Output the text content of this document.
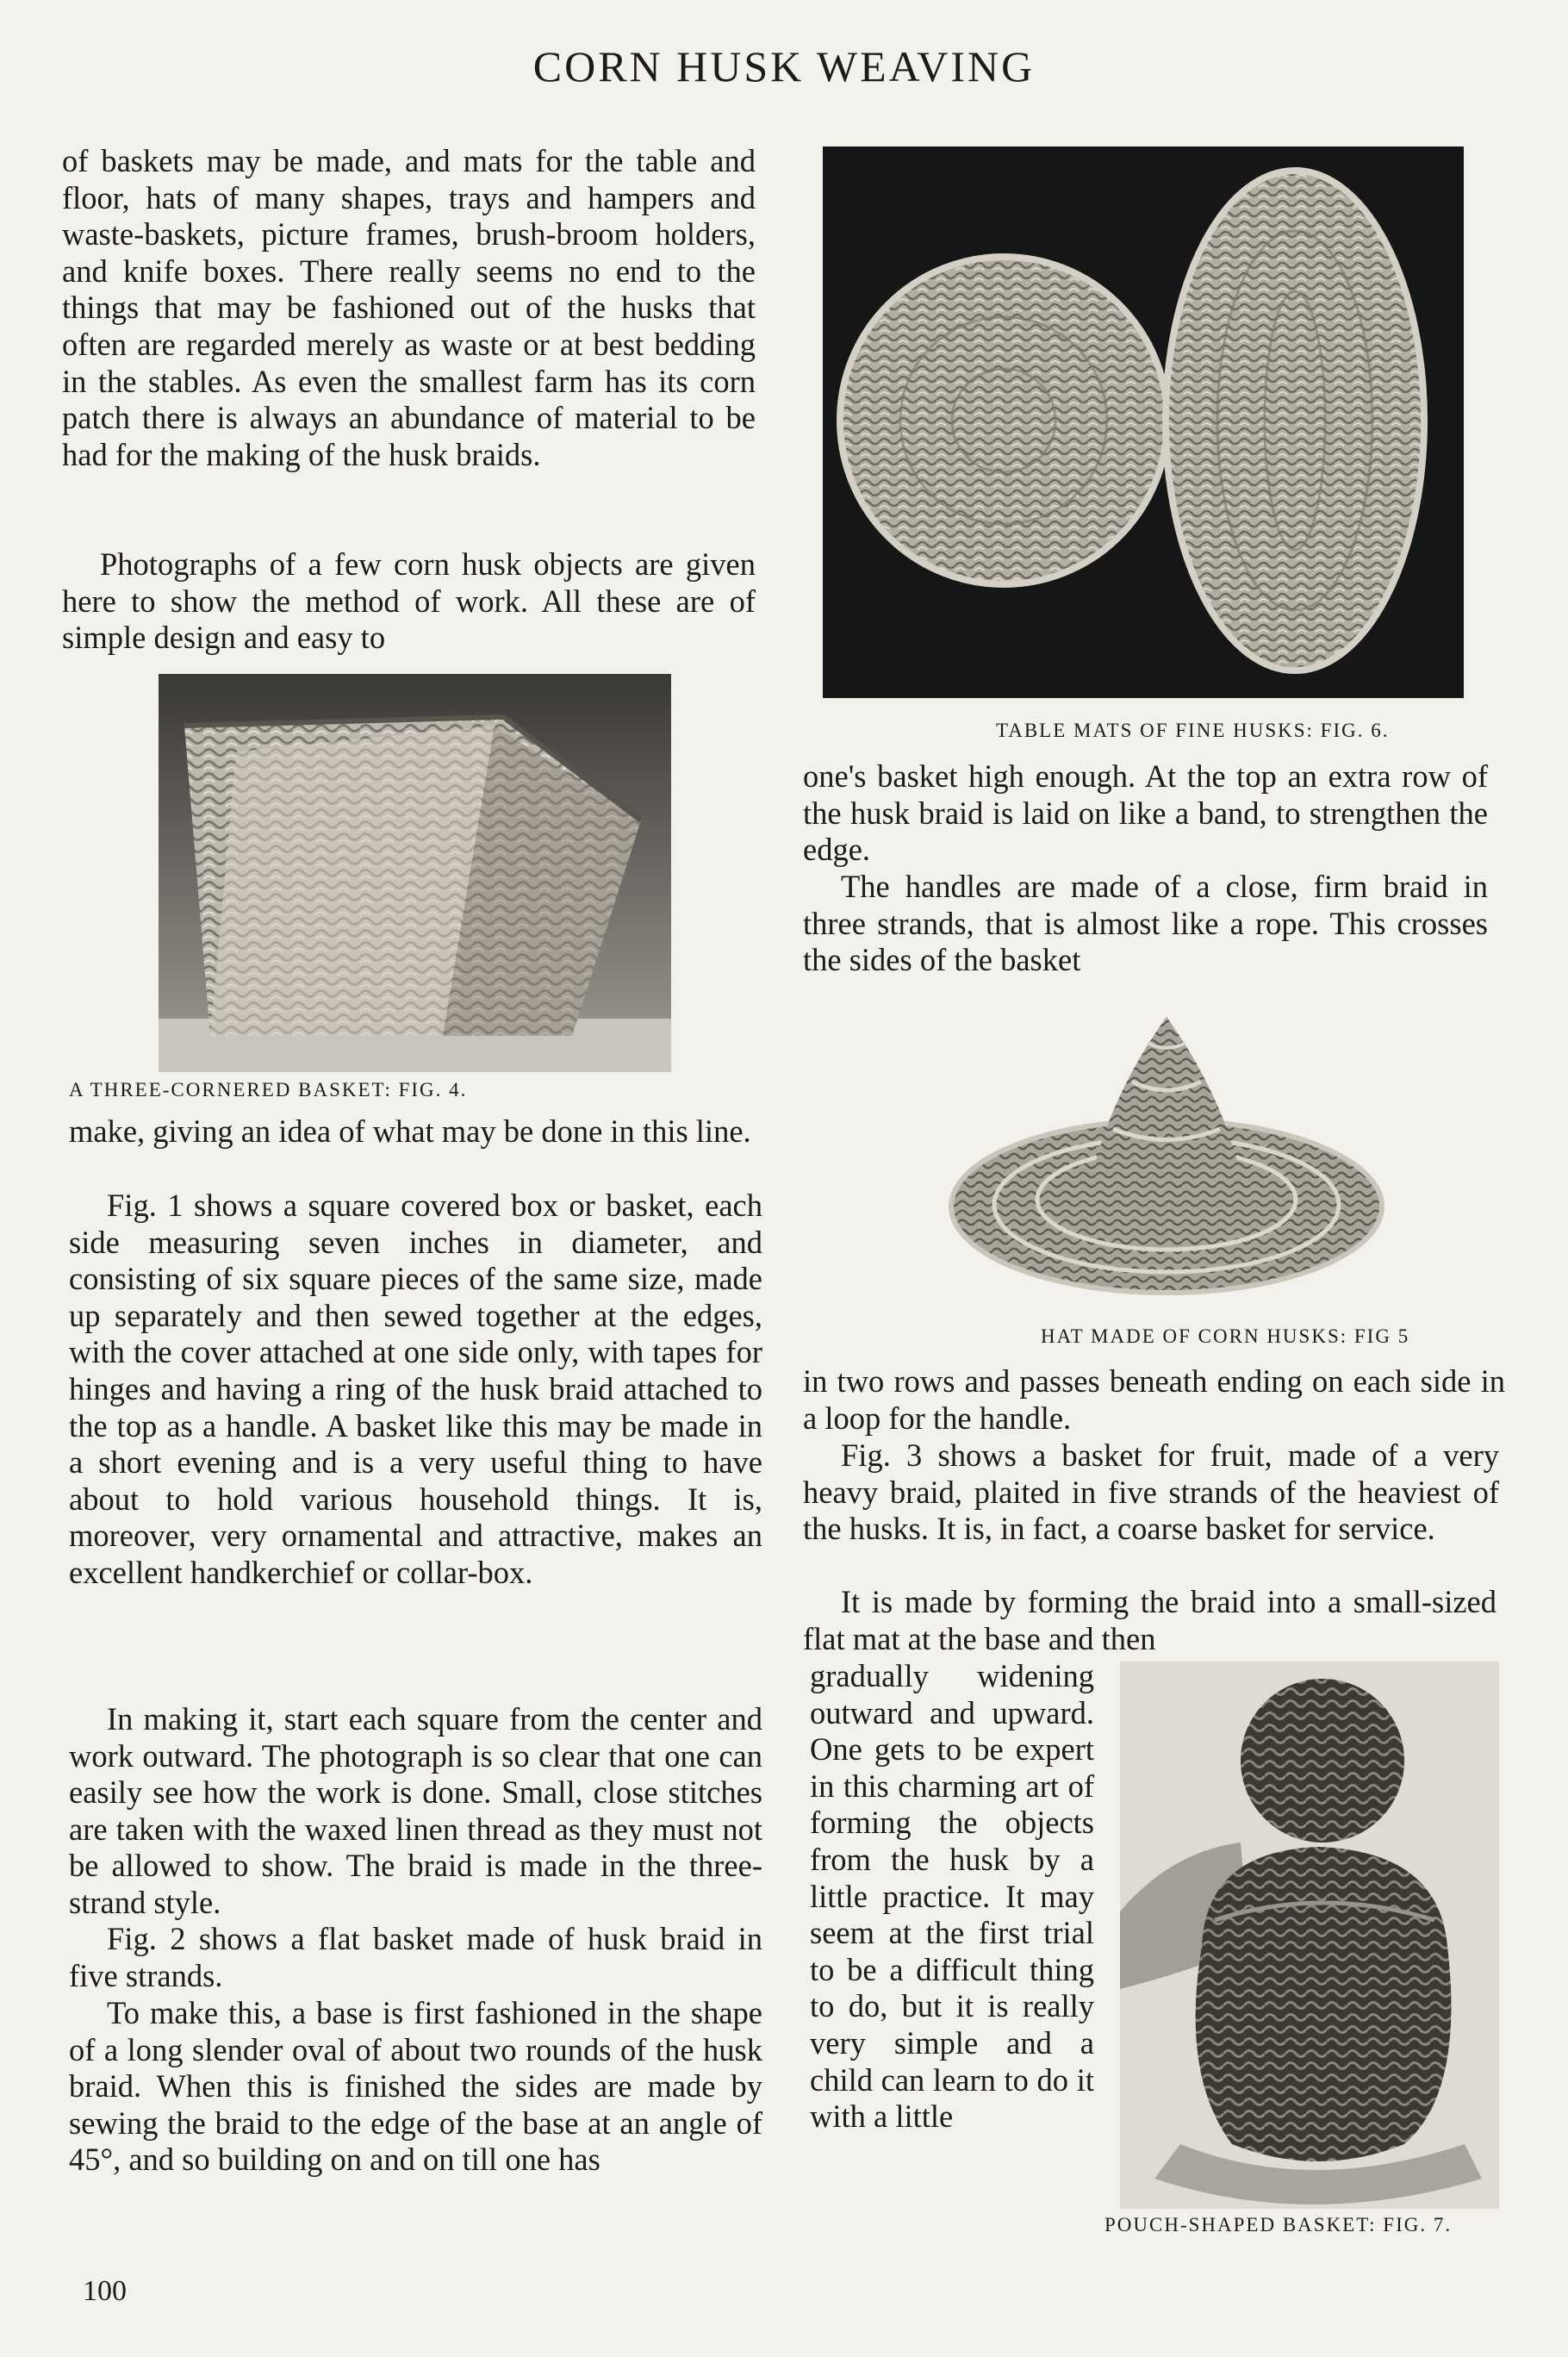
CORN HUSK WEAVING

of baskets may be made, and mats for the table and floor, hats of many shapes, trays and hampers and waste-baskets, picture frames, brush-broom holders, and knife boxes. There really seems no end to the things that may be fashioned out of the husks that often are regarded merely as waste or at best bedding in the stables. As even the smallest farm has its corn patch there is always an abundance of material to be had for the making of the husk braids.

Photographs of a few corn husk objects are given here to show the method of work. All these are of simple design and easy to

A THREE-CORNERED BASKET: FIG. 4.

make, giving an idea of what may be done in this line.

Fig. 1 shows a square covered box or basket, each side measuring seven inches in diameter, and consisting of six square pieces of the same size, made up separately and then sewed together at the edges, with the cover attached at one side only, with tapes for hinges and having a ring of the husk braid attached to the top as a handle. A basket like this may be made in a short evening and is a very useful thing to have about to hold various household things. It is, moreover, very ornamental and attractive, makes an excellent handkerchief or collar-box.

In making it, start each square from the center and work outward. The photograph is so clear that one can easily see how the work is done. Small, close stitches are taken with the waxed linen thread as they must not be allowed to show. The braid is made in the three-strand style.

Fig. 2 shows a flat basket made of husk braid in five strands.

To make this, a base is first fashioned in the shape of a long slender oval of about two rounds of the husk braid. When this is finished the sides are made by sewing the braid to the edge of the base at an angle of 45°, and so building on and on till one has

TABLE MATS OF FINE HUSKS: FIG. 6.

one's basket high enough. At the top an extra row of the husk braid is laid on like a band, to strengthen the edge.

The handles are made of a close, firm braid in three strands, that is almost like a rope. This crosses the sides of the basket

HAT MADE OF CORN HUSKS: FIG 5

in two rows and passes beneath ending on each side in a loop for the handle.

Fig. 3 shows a basket for fruit, made of a very heavy braid, plaited in five strands of the heaviest of the husks. It is, in fact, a coarse basket for service.

It is made by forming the braid into a small-sized flat mat at the base and then

gradually widening outward and upward. One gets to be expert in this charming art of forming the objects from the husk by a little practice. It may seem at the first trial to be a difficult thing to do, but it is really very simple and a child can learn to do it with a little

POUCH-SHAPED BASKET: FIG. 7.

100
